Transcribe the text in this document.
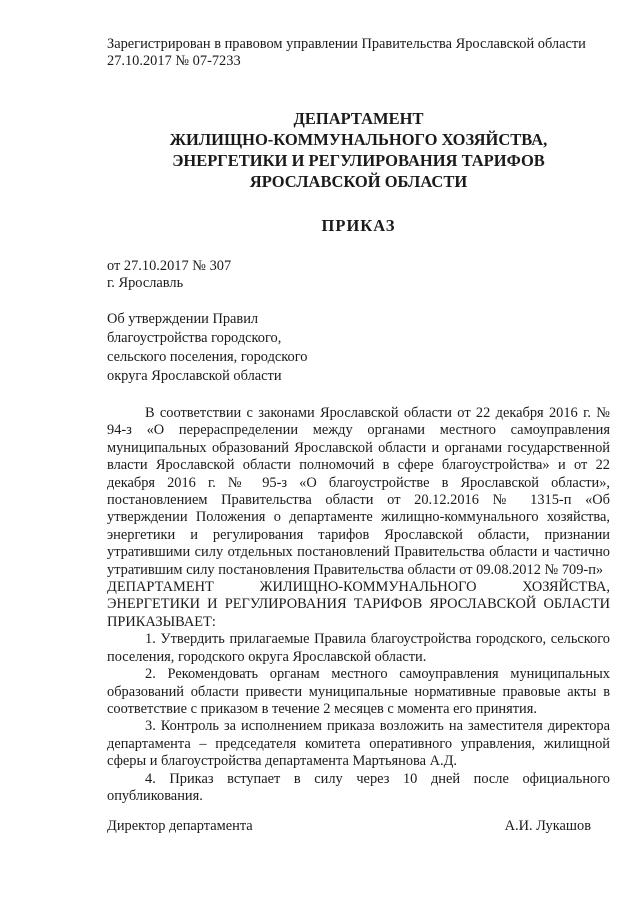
Зарегистрирован в правовом управлении Правительства Ярославской области

27.10.2017 № 07-7233

ДЕПАРТАМЕНТ

ЖИЛИЩНО-КОММУНАЛЬНОГО ХОЗЯЙСТВА,

ЭНЕРГЕТИКИ И РЕГУЛИРОВАНИЯ ТАРИФОВ

ЯРОСЛАВСКОЙ ОБЛАСТИ

ПРИКАЗ

от 27.10.2017 № 307

г. Ярославль

Об утверждении Правил

благоустройства городского,

сельского поселения, городского

округа Ярославской области

В соответствии с законами Ярославской области от 22 декабря 2016 г. № 94-з «О перераспределении между органами местного самоуправления муниципальных образований Ярославской области и органами государственной власти Ярославской области полномочий в сфере благоустройства» и от 22 декабря 2016 г. № 95-з «О благоустройстве в Ярославской области», постановлением Правительства области от 20.12.2016 № 1315-п «Об утверждении Положения о департаменте жилищно-коммунального хозяйства, энергетики и регулирования тарифов Ярославской области, признании утратившими силу отдельных постановлений Правительства области и частично утратившим силу постановления Правительства области от 09.08.2012 № 709-п»

ДЕПАРТАМЕНТ ЖИЛИЩНО-КОММУНАЛЬНОГО ХОЗЯЙСТВА, ЭНЕРГЕТИКИ И РЕГУЛИРОВАНИЯ ТАРИФОВ ЯРОСЛАВСКОЙ ОБЛАСТИ ПРИКАЗЫВАЕТ:

1. Утвердить прилагаемые Правила благоустройства городского, сельского поселения, городского округа Ярославской области.

2. Рекомендовать органам местного самоуправления муниципальных образований области привести муниципальные нормативные правовые акты в соответствие с приказом в течение 2 месяцев с момента его принятия.

3. Контроль за исполнением приказа возложить на заместителя директора департамента – председателя комитета оперативного управления, жилищной сферы и благоустройства департамента Мартьянова А.Д.

4. Приказ вступает в силу через 10 дней после официального опубликования.

Директор департамента	А.И. Лукашов
